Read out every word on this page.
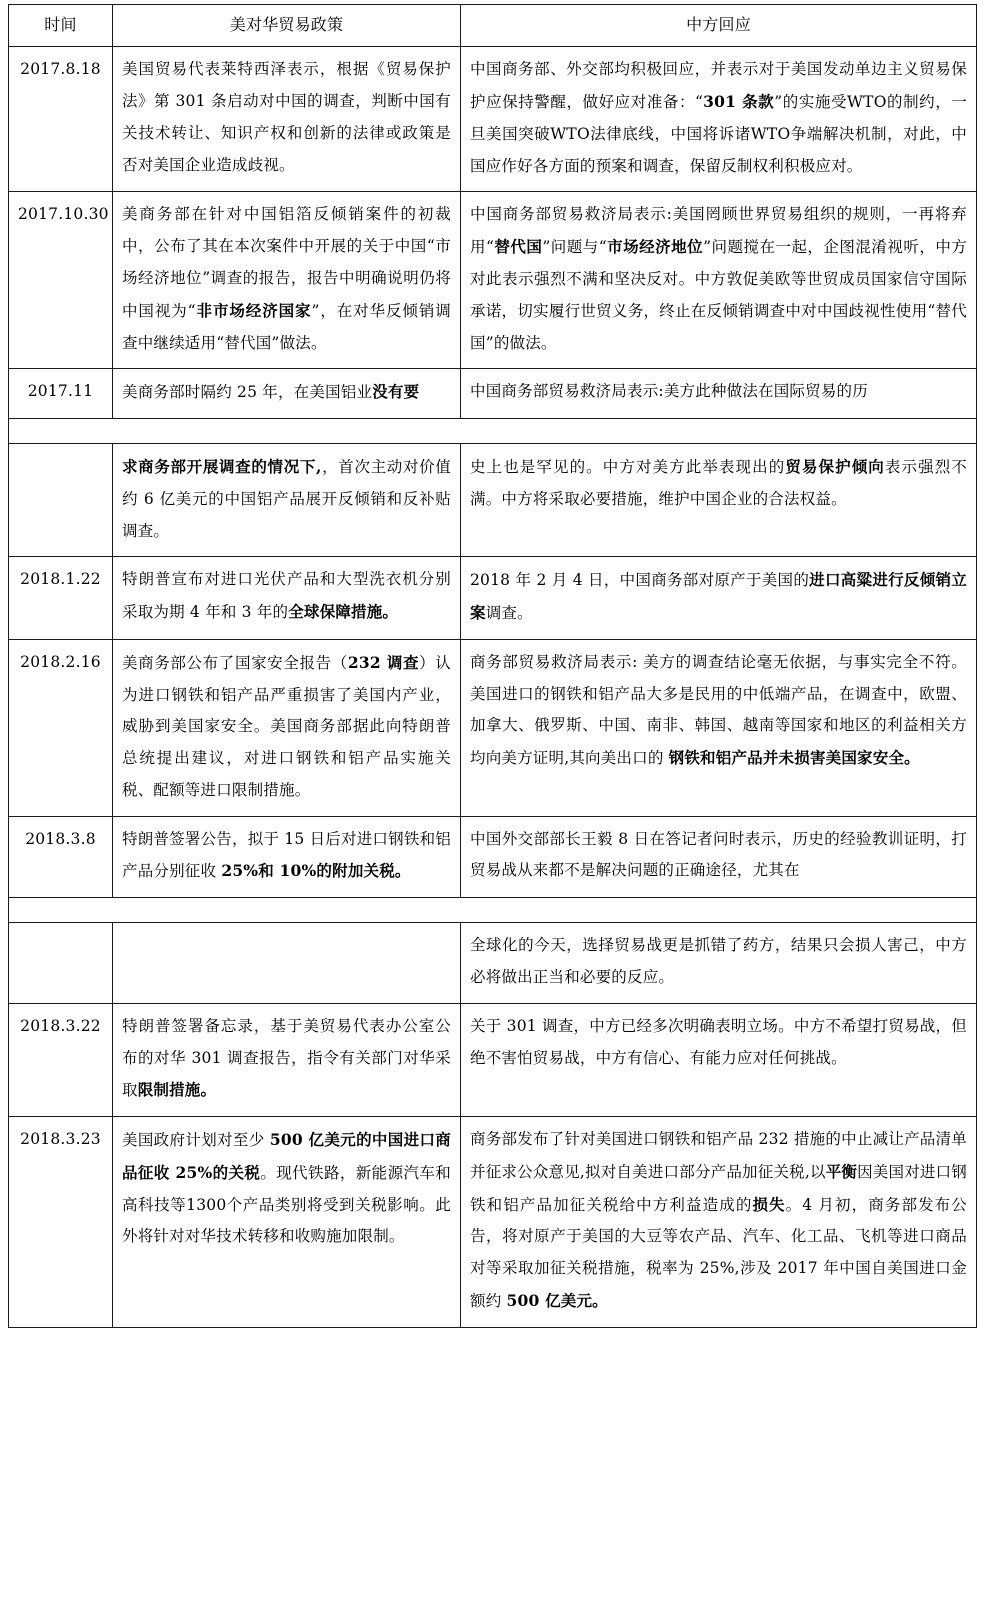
时间	美对华贸易政策	中方回应
2017.8.18	美国贸易代表莱特西泽表示，根据《贸易保护法》第 301 条启动对中国的调查，判断中国有关技术转让、知识产权和创新的法律或政策是否对美国企业造成歧视。	中国商务部、外交部均积极回应，并表示对于美国发动单边主义贸易保护应保持警醒，做好应对准备：“301 条款”的实施受WTO的制约，一旦美国突破WTO法律底线，中国将诉诸WTO争端解决机制，对此，中国应作好各方面的预案和调查，保留反制权利积极应对。
2017.10.30	美商务部在针对中国铝箔反倾销案件的初裁中，公布了其在本次案件中开展的关于中国“市场经济地位”调查的报告，报告中明确说明仍将中国视为“非市场经济国家”，在对华反倾销调查中继续适用“替代国”做法。	中国商务部贸易救济局表示:美国罔顾世界贸易组织的规则，一再将弃用“替代国”问题与“市场经济地位”问题搅在一起，企图混淆视听，中方对此表示强烈不满和坚决反对。中方敦促美欧等世贸成员国家信守国际承诺，切实履行世贸义务，终止在反倾销调查中对中国歧视性使用“替代国”的做法。
2017.11	美商务部时隔约 25 年，在美国铝业没有要	中国商务部贸易救济局表示:美方此种做法在国际贸易的历

	求商务部开展调查的情况下,，首次主动对价值约 6 亿美元的中国铝产品展开反倾销和反补贴调查。	史上也是罕见的。中方对美方此举表现出的贸易保护倾向表示强烈不满。中方将采取必要措施，维护中国企业的合法权益。
2018.1.22	特朗普宣布对进口光伏产品和大型洗衣机分别采取为期 4 年和 3 年的全球保障措施。	2018 年 2 月 4 日，中国商务部对原产于美国的进口高粱进行反倾销立案调查。
2018.2.16	美商务部公布了国家安全报告（232 调查）认为进口钢铁和铝产品严重损害了美国内产业，威胁到美国家安全。美国商务部据此向特朗普总统提出建议，对进口钢铁和铝产品实施关税、配额等进口限制措施。	商务部贸易救济局表示: 美方的调查结论毫无依据，与事实完全不符。美国进口的钢铁和铝产品大多是民用的中低端产品，在调查中，欧盟、加拿大、俄罗斯、中国、南非、韩国、越南等国家和地区的利益相关方均向美方证明,其向美出口的 钢铁和铝产品并未损害美国家安全。
2018.3.8	特朗普签署公告，拟于 15 日后对进口钢铁和铝产品分别征收 25%和 10%的附加关税。	中国外交部部长王毅 8 日在答记者问时表示，历史的经验教训证明，打贸易战从来都不是解决问题的正确途径，尤其在

		全球化的今天，选择贸易战更是抓错了药方，结果只会损人害己，中方必将做出正当和必要的反应。
2018.3.22	特朗普签署备忘录，基于美贸易代表办公室公布的对华 301 调查报告，指令有关部门对华采取限制措施。	关于 301 调查，中方已经多次明确表明立场。中方不希望打贸易战，但绝不害怕贸易战，中方有信心、有能力应对任何挑战。
2018.3.23	美国政府计划对至少 500 亿美元的中国进口商品征收 25%的关税。现代铁路，新能源汽车和高科技等1300个产品类别将受到关税影响。此外将针对对华技术转移和收购施加限制。	商务部发布了针对美国进口钢铁和铝产品 232 措施的中止减让产品清单并征求公众意见,拟对自美进口部分产品加征关税,以平衡因美国对进口钢铁和铝产品加征关税给中方利益造成的损失。4 月初，商务部发布公告，将对原产于美国的大豆等农产品、汽车、化工品、飞机等进口商品对等采取加征关税措施，税率为 25%,涉及 2017 年中国自美国进口金额约 500 亿美元。
